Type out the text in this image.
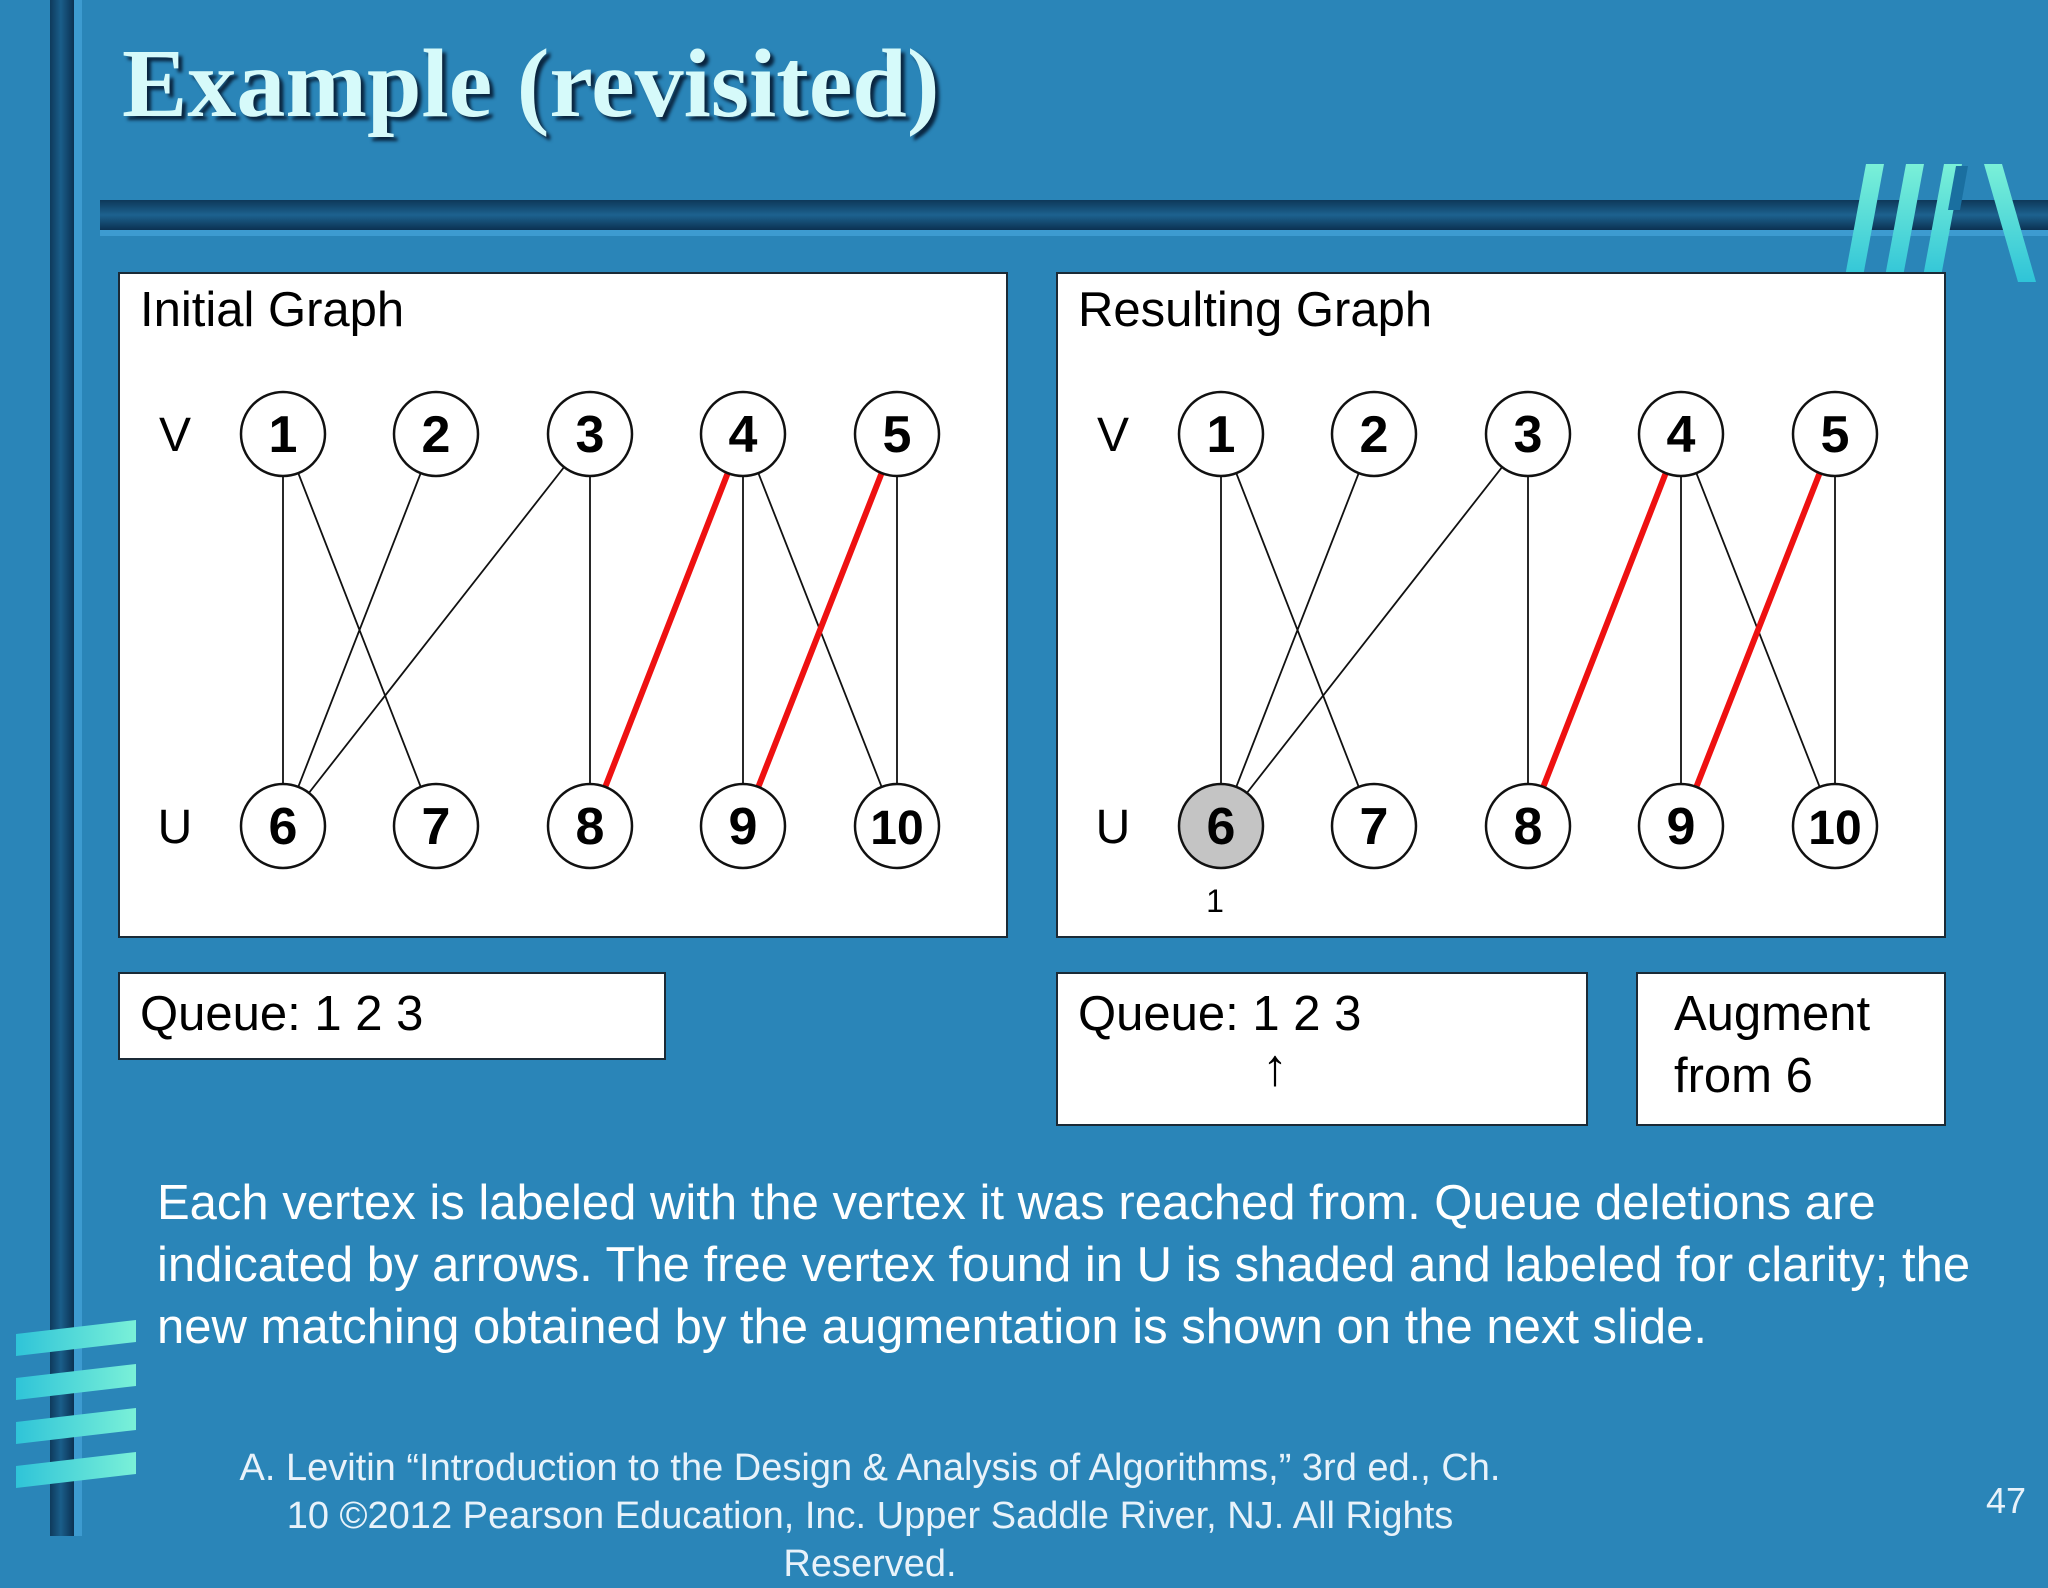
Example (revisited)
Initial Graph
V
U
1 2 3 4 5
6 7 8 9 10
Resulting Graph
V
U
1 2 3 4 5
6 7 8 9 10
1
Queue: 1 2 3	Queue: 1 2 3
↑
Augment
from 6

Each vertex is labeled with the vertex it was reached from. Queue deletions are indicated by arrows. The free vertex found in U is shaded and labeled for clarity; the new matching obtained by the augmentation is shown on the next slide.

A. Levitin “Introduction to the Design & Analysis of Algorithms,” 3rd ed., Ch. 10 ©2012 Pearson Education, Inc. Upper Saddle River, NJ. All Rights Reserved.

47
